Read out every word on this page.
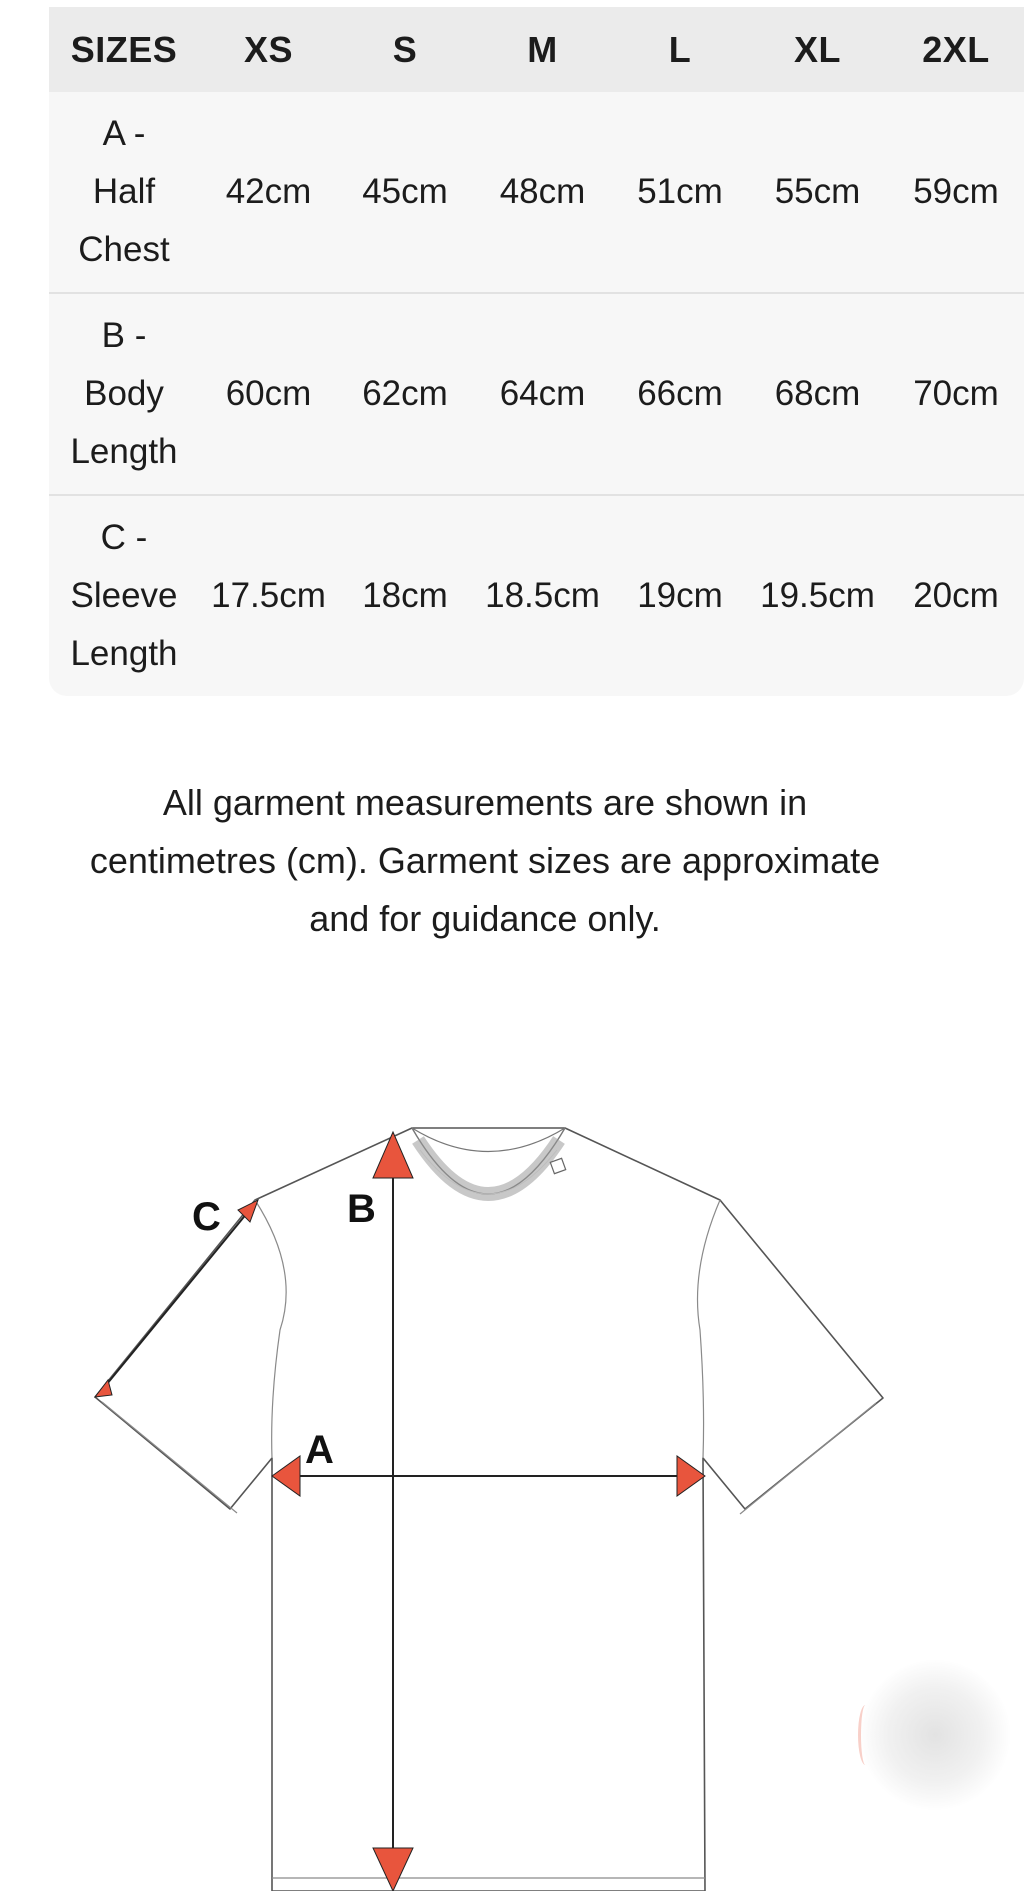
SIZES	XS	S	M	L	XL	2XL

A -
Half
Chest	42cm	45cm	48cm	51cm	55cm	59cm

B -
Body
Length	60cm	62cm	64cm	66cm	68cm	70cm

C -
Sleeve
Length	17.5cm	18cm	18.5cm	19cm	19.5cm	20cm

All garment measurements are shown in centimetres (cm). Garment sizes are approximate and for guidance only.

A
B
C
